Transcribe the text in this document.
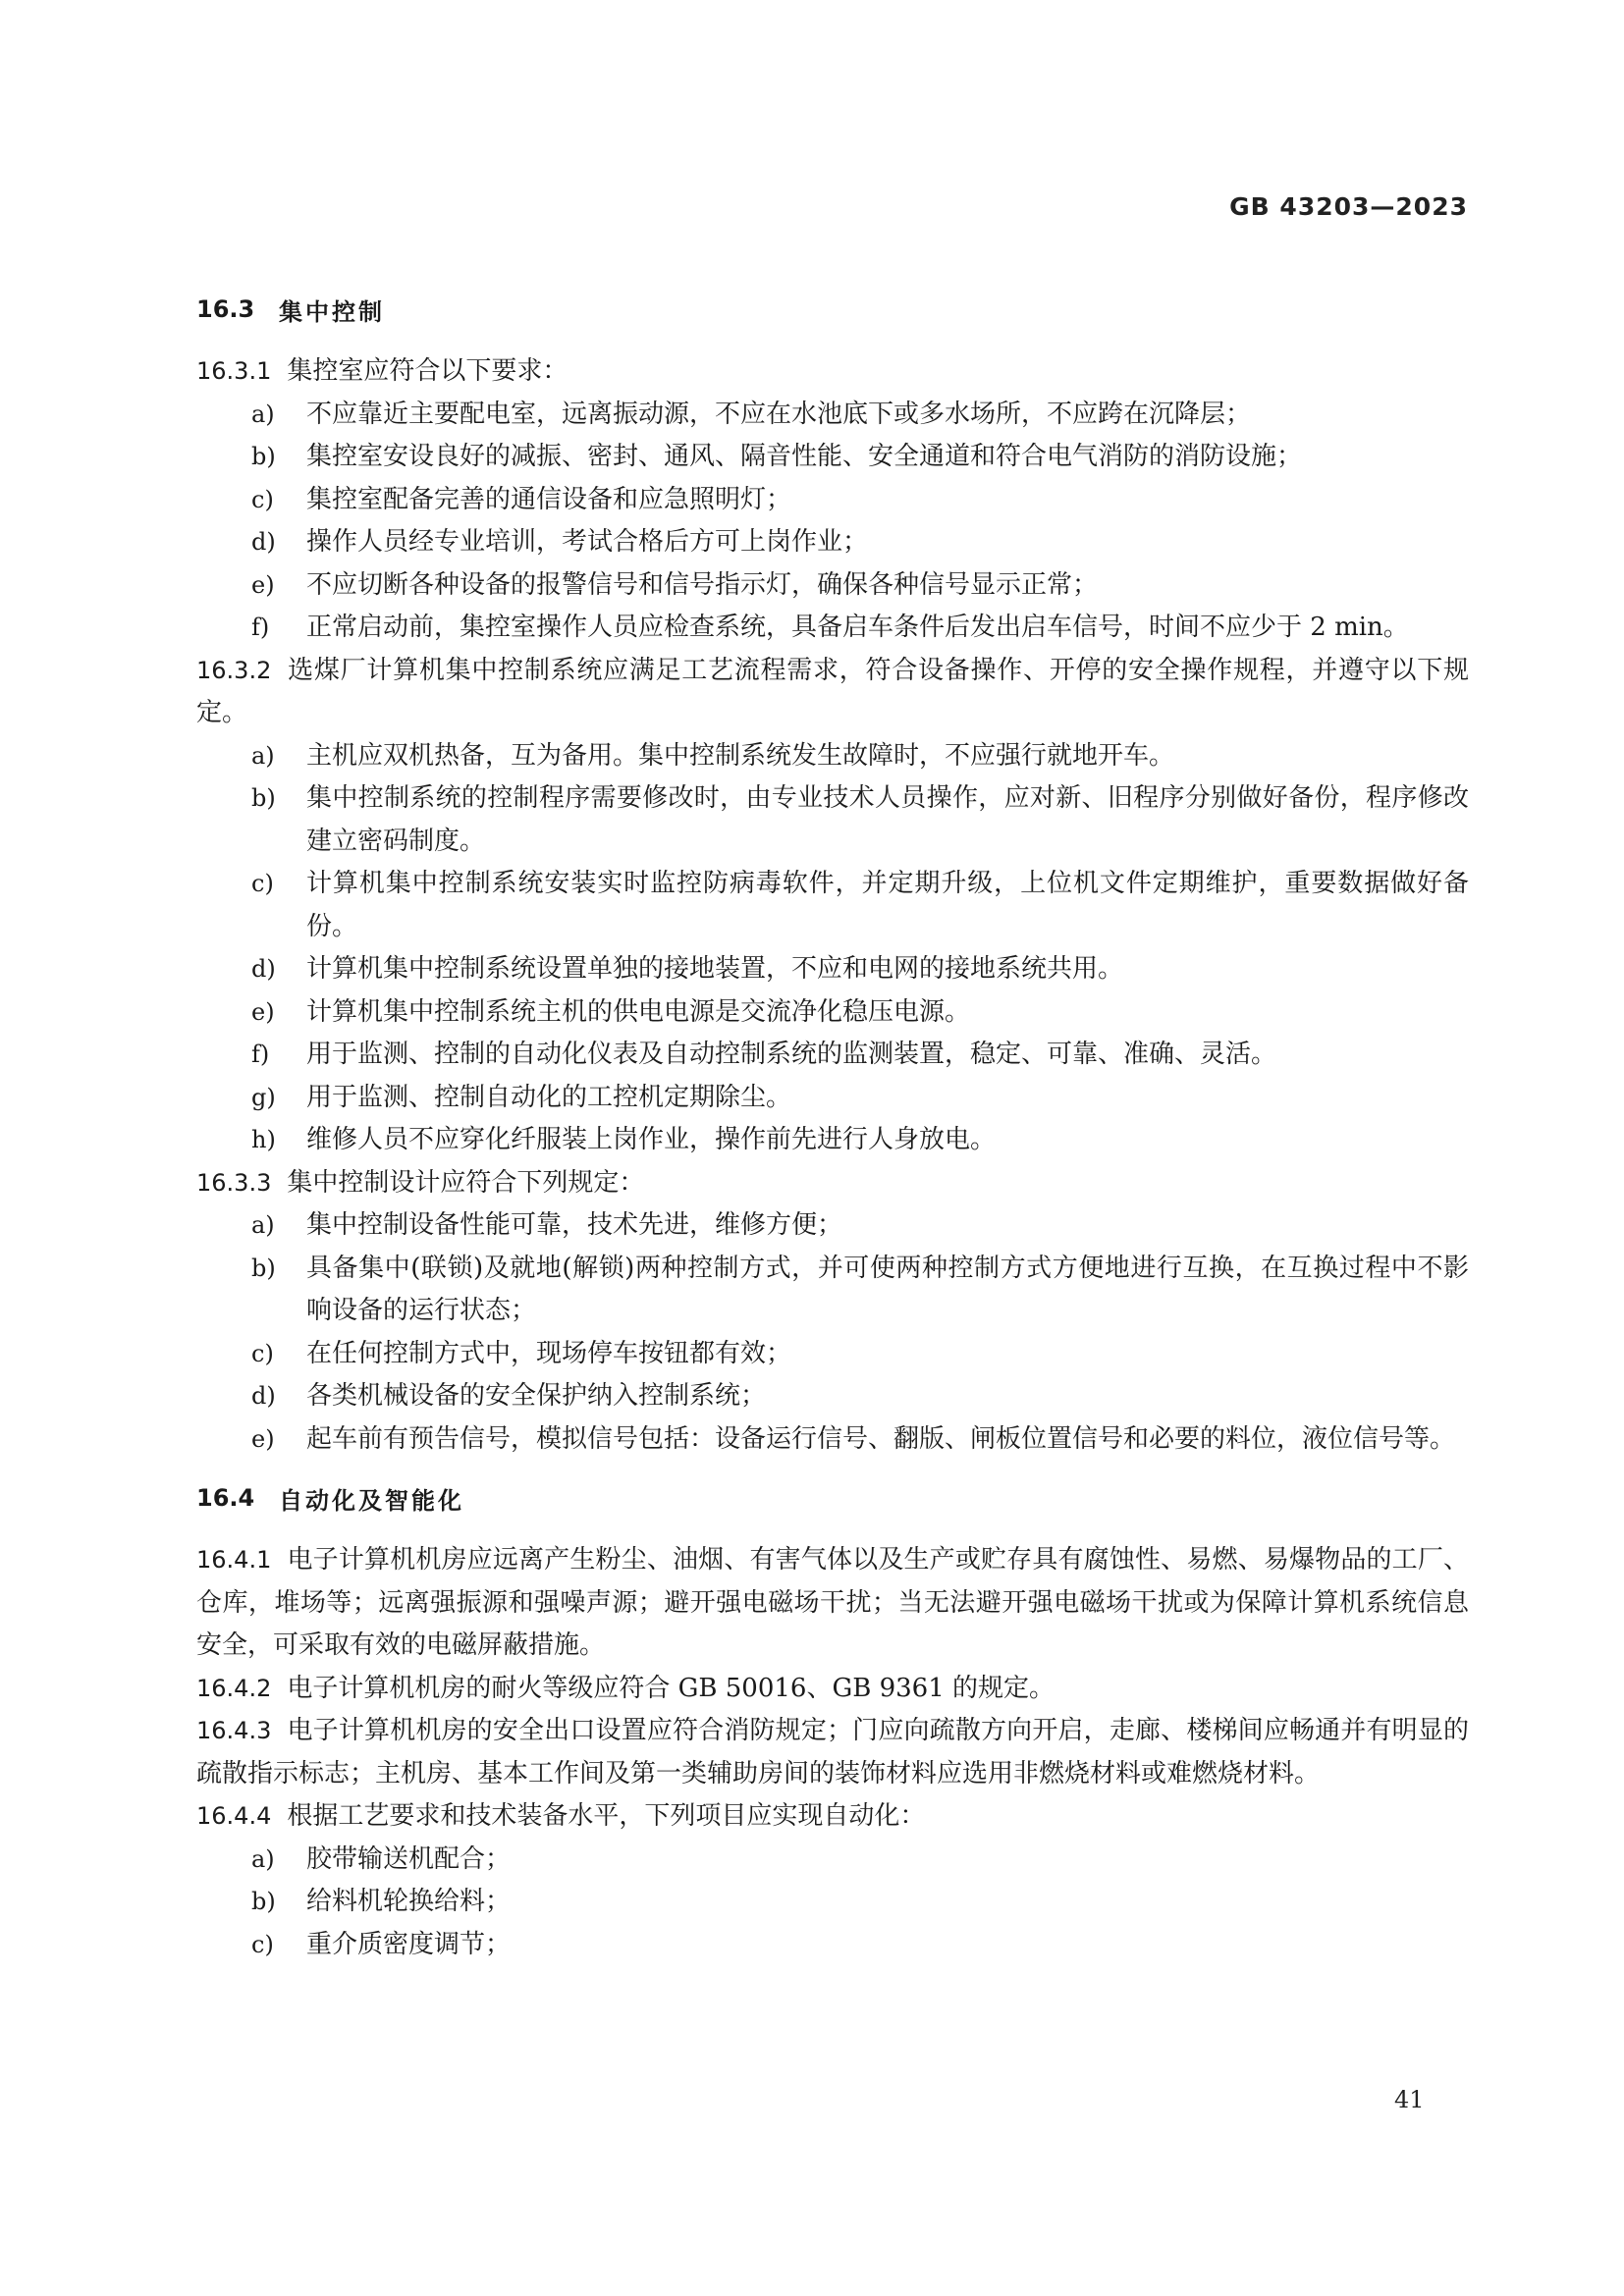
GB 43203—2023
16.3	集中控制
16.3.1 集控室应符合以下要求：
a) 不应靠近主要配电室，远离振动源，不应在水池底下或多水场所，不应跨在沉降层；
b) 集控室安设良好的减振、密封、通风、隔音性能、安全通道和符合电气消防的消防设施；
c) 集控室配备完善的通信设备和应急照明灯；
d) 操作人员经专业培训，考试合格后方可上岗作业；
e) 不应切断各种设备的报警信号和信号指示灯，确保各种信号显示正常；
f) 正常启动前，集控室操作人员应检查系统，具备启车条件后发出启车信号，时间不应少于 2 min。
16.3.2 选煤厂计算机集中控制系统应满足工艺流程需求，符合设备操作、开停的安全操作规程，并遵守以下规定。
a) 主机应双机热备，互为备用。集中控制系统发生故障时，不应强行就地开车。
b) 集中控制系统的控制程序需要修改时，由专业技术人员操作，应对新、旧程序分别做好备份，程序修改建立密码制度。
c) 计算机集中控制系统安装实时监控防病毒软件，并定期升级，上位机文件定期维护，重要数据做好备份。
d) 计算机集中控制系统设置单独的接地装置，不应和电网的接地系统共用。
e) 计算机集中控制系统主机的供电电源是交流净化稳压电源。
f) 用于监测、控制的自动化仪表及自动控制系统的监测装置，稳定、可靠、准确、灵活。
g) 用于监测、控制自动化的工控机定期除尘。
h) 维修人员不应穿化纤服装上岗作业，操作前先进行人身放电。
16.3.3 集中控制设计应符合下列规定：
a) 集中控制设备性能可靠，技术先进，维修方便；
b) 具备集中(联锁)及就地(解锁)两种控制方式，并可使两种控制方式方便地进行互换，在互换过程中不影响设备的运行状态；
c) 在任何控制方式中，现场停车按钮都有效；
d) 各类机械设备的安全保护纳入控制系统；
e) 起车前有预告信号，模拟信号包括：设备运行信号、翻版、闸板位置信号和必要的料位，液位信号等。
16.4	自动化及智能化
16.4.1 电子计算机机房应远离产生粉尘、油烟、有害气体以及生产或贮存具有腐蚀性、易燃、易爆物品的工厂、仓库，堆场等；远离强振源和强噪声源；避开强电磁场干扰；当无法避开强电磁场干扰或为保障计算机系统信息安全，可采取有效的电磁屏蔽措施。
16.4.2 电子计算机机房的耐火等级应符合 GB 50016、GB 9361 的规定。
16.4.3 电子计算机机房的安全出口设置应符合消防规定；门应向疏散方向开启，走廊、楼梯间应畅通并有明显的疏散指示标志；主机房、基本工作间及第一类辅助房间的装饰材料应选用非燃烧材料或难燃烧材料。
16.4.4 根据工艺要求和技术装备水平，下列项目应实现自动化：
a) 胶带输送机配合；
b) 给料机轮换给料；
c) 重介质密度调节；
41
